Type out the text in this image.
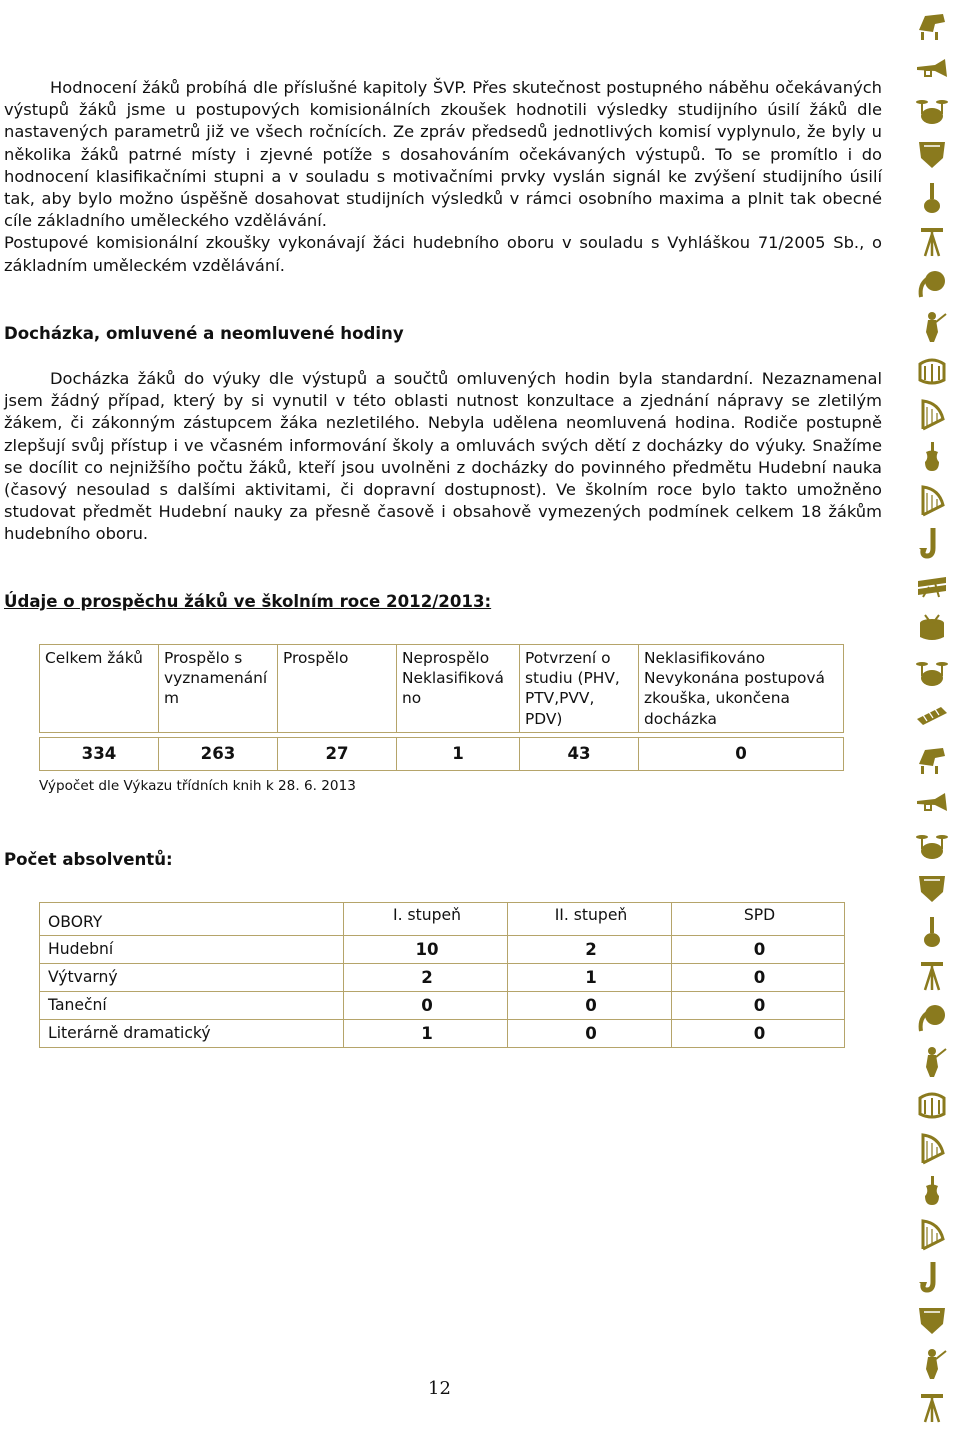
Hodnocení žáků probíhá dle příslušné kapitoly ŠVP. Přes skutečnost postupného náběhu očekávaných výstupů žáků jsme u postupových komisionálních zkoušek hodnotili výsledky studijního úsilí žáků dle nastavených parametrů již ve všech ročnících. Ze zpráv předsedů jednotlivých komisí vyplynulo, že byly u několika žáků patrné místy i zjevné potíže s dosahováním očekávaných výstupů. To se promítlo i do hodnocení klasifikačními stupni a v souladu s motivačními prvky vyslán signál ke zvýšení studijního úsilí tak, aby bylo možno úspěšně dosahovat studijních výsledků v rámci osobního maxima a plnit tak obecné cíle základního uměleckého vzdělávání.
Postupové komisionální zkoušky vykonávají žáci hudebního oboru v souladu s Vyhláškou 71/2005 Sb., o základním uměleckém vzdělávání.

Docházka, omluvené a neomluvené hodiny

Docházka žáků do výuky dle výstupů a součtů omluvených hodin byla standardní. Nezaznamenal jsem žádný případ, který by si vynutil v této oblasti nutnost konzultace a zjednání nápravy se zletilým žákem, či zákonným zástupcem žáka nezletilého. Nebyla udělena neomluvená hodina. Rodiče postupně zlepšují svůj přístup i ve včasném informování školy a omluvách svých dětí z docházky do výuky. Snažíme se docílit co nejnižšího počtu žáků, kteří jsou uvolněni z docházky do povinného předmětu Hudební nauka (časový nesoulad s dalšími aktivitami, či dopravní dostupnost). Ve školním roce bylo takto umožněno studovat předmět Hudební nauky za přesně časově i obsahově vymezených podmínek celkem 18 žákům hudebního oboru.

Údaje o prospěchu žáků ve školním roce 2012/2013:

Celkem žáků	Prospělo s vyznamenání m	Prospělo	Neprospělo Neklasifiková no	Potvrzení o studiu (PHV, PTV,PVV, PDV)	Neklasifikováno Nevykonána postupová zkouška, ukončena docházka

334	263	27	1	43	0

Výpočet dle Výkazu třídních knih k 28. 6. 2013

Počet absolventů:

OBORY	I. stupeň	II. stupeň	SPD
Hudební	10	2	0
Výtvarný	2	1	0
Taneční	0	0	0
Literárně dramatický	1	0	0

12
